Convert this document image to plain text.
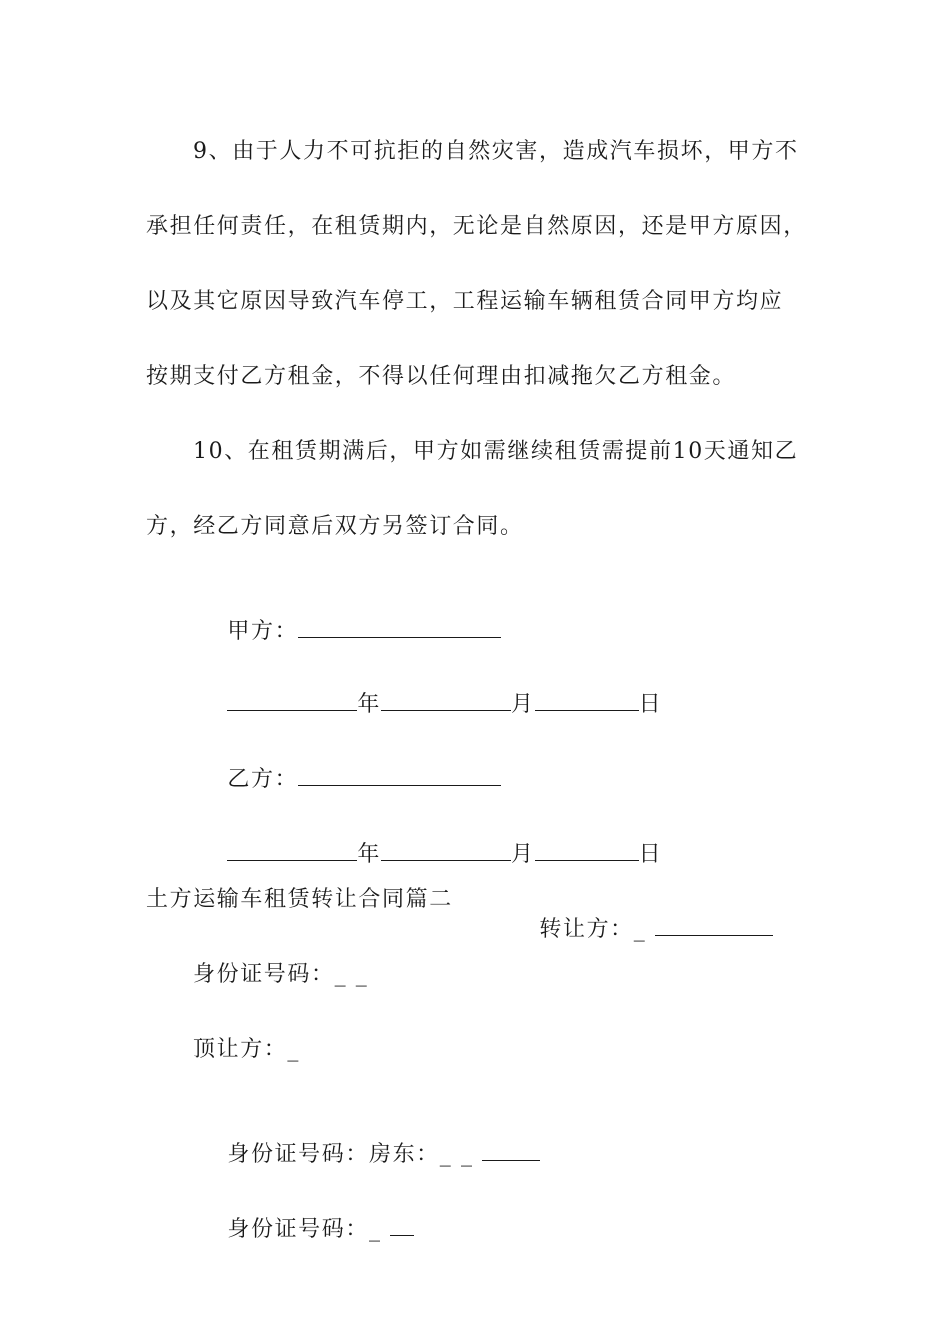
9、由于人力不可抗拒的自然灾害，造成汽车损坏，甲方不
承担任何责任，在租赁期内，无论是自然原因，还是甲方原因，
以及其它原因导致汽车停工，工程运输车辆租赁合同甲方均应
按期支付乙方租金，不得以任何理由扣减拖欠乙方租金。
10、在租赁期满后，甲方如需继续租赁需提前10天通知乙
方，经乙方同意后双方另签订合同。

甲方：

年	月	日

乙方：

年	月	日

土方运输车租赁转让合同篇二

转让方：_

身份证号码：_ _
顶让方：_

身份证号码：房东：_ _

身份证号码：_
